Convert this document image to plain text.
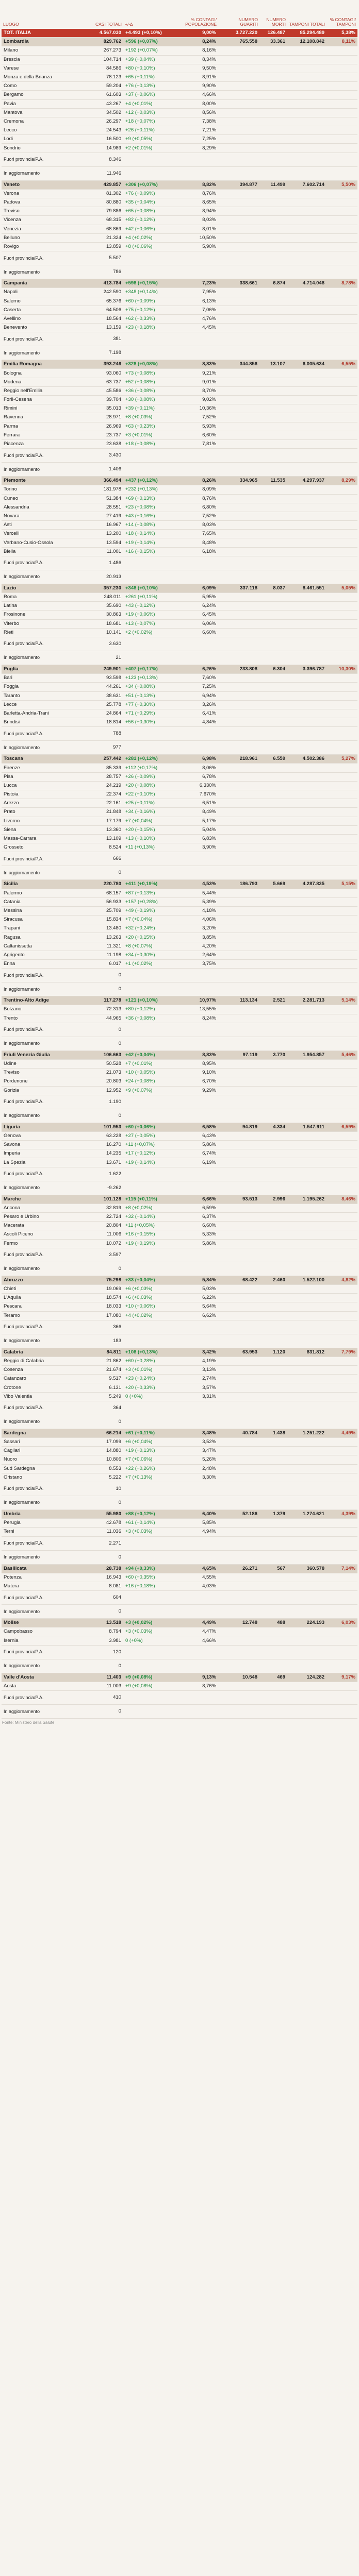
LUOGO	CASI TOTALI	+/-∆	% CONTAGI/ POPOLAZIONE	NUMERO GUARITI	NUMERO MORTI	TAMPONI TOTALI	% CONTAGI/ TAMPONI
TOT. ITALIA	4.567.030	+4.493 (+0,10%)	9,00%	3.727.220	126.487	85.294.489	5,38%
Lombardia	829.762	+596 (+0,07%)	8,24%	765.558	33.361	12.108.842	8,11%
Milano	267.273	+192 (+0,07%)	8,16%				
Brescia	104.714	+39 (+0,04%)	8,34%				
Varese	84.586	+80 (+0,10%)	9,50%				
Monza e della Brianza	78.123	+65 (+0,11%)	8,91%				
Como	59.204	+76 (+0,13%)	9,90%				
Bergamo	61.603	+37 (+0,06%)	4,66%				
Pavia	43.267	+4 (+0,01%)	8,00%				
Mantova	34.502	+12 (+0,03%)	8,56%				
Cremona	26.297	+18 (+0,07%)	7,38%				
Lecco	24.543	+26 (+0,11%)	7,21%				
Lodi	16.500	+9 (+0,05%)	7,25%				
Sondrio	14.989	+2 (+0,01%)	8,29%				
Fuori provincia/P.A.	8.346						
In aggiornamento	11.946						
Veneto	429.857	+306 (+0,07%)	8,82%	394.877	11.499	7.602.714	5,50%
Verona	81.302	+76 (+0,09%)	8,76%				
Padova	80.880	+35 (+0,04%)	8,65%				
Treviso	79.886	+65 (+0,08%)	8,94%				
Vicenza	68.315	+82 (+0,12%)	8,03%				
Venezia	68.869	+42 (+0,06%)	8,01%				
Belluno	21.324	+4 (+0,02%)	10,50%				
Rovigo	13.859	+8 (+0,06%)	5,90%				
Fuori provincia/P.A.	5.507						
In aggiornamento	786						
Campania	413.784	+598 (+0,15%)	7,23%	338.661	6.874	4.714.048	8,78%
Napoli	242.590	+348 (+0,14%)	7,95%				
Salerno	65.376	+60 (+0,09%)	6,13%				
Caserta	64.506	+75 (+0,12%)	7,06%				
Avellino	18.564	+62 (+0,33%)	4,76%				
Benevento	13.159	+23 (+0,18%)	4,45%				
Fuori provincia/P.A.	381						
In aggiornamento	7.198						
Emilia Romagna	393.246	+328 (+0,08%)	8,83%	344.856	13.107	6.005.634	6,55%
Bologna	93.060	+73 (+0,08%)	9,21%				
Modena	63.737	+52 (+0,08%)	9,01%				
Reggio nell'Emilia	45.586	+36 (+0,08%)	8,70%				
Forlì-Cesena	39.704	+30 (+0,08%)	9,02%				
Rimini	35.013	+39 (+0,11%)	10,36%				
Ravenna	28.971	+8 (+0,03%)	7,52%				
Parma	26.969	+63 (+0,23%)	5,93%				
Ferrara	23.737	+3 (+0,01%)	6,60%				
Piacenza	23.638	+18 (+0,08%)	7,81%				
Fuori provincia/P.A.	3.430						
In aggiornamento	1.406						
Piemonte	366.494	+437 (+0,12%)	8,26%	334.965	11.535	4.297.937	8,29%
Torino	181.978	+232 (+0,13%)	8,09%				
Cuneo	51.384	+69 (+0,13%)	8,76%				
Alessandria	28.551	+23 (+0,08%)	6,80%				
Novara	27.419	+43 (+0,16%)	7,52%				
Asti	16.967	+14 (+0,08%)	8,03%				
Vercelli	13.200	+18 (+0,14%)	7,65%				
Verbano-Cusio-Ossola	13.594	+19 (+0,14%)	8,48%				
Biella	11.001	+16 (+0,15%)	6,18%				
Fuori provincia/P.A.	1.486						
In aggiornamento	20.913						
Lazio	357.230	+348 (+0,10%)	6,09%	337.118	8.037	8.461.551	5,05%
Roma	248.011	+261 (+0,11%)	5,95%				
Latina	35.690	+43 (+0,12%)	6,24%				
Frosinone	30.863	+19 (+0,06%)	6,45%				
Viterbo	18.681	+13 (+0,07%)	6,06%				
Rieti	10.141	+2 (+0,02%)	6,60%				
Fuori provincia/P.A.	3.630						
In aggiornamento	21						
Puglia	249.901	+407 (+0,17%)	6,26%	233.808	6.304	3.396.787	10,30%
Bari	93.598	+123 (+0,13%)	7,60%				
Foggia	44.261	+34 (+0,08%)	7,25%				
Taranto	38.631	+51 (+0,13%)	6,94%				
Lecce	25.778	+77 (+0,30%)	3,26%				
Barletta-Andria-Trani	24.864	+71 (+0,29%)	6,41%				
Brindisi	18.814	+56 (+0,30%)	4,84%				
Fuori provincia/P.A.	788						
In aggiornamento	977						
Toscana	257.442	+281 (+0,12%)	6,98%	218.961	6.559	4.502.386	5,27%
Firenze	85.339	+112 (+0,17%)	8,06%				
Pisa	28.757	+26 (+0,09%)	6,78%				
Lucca	24.219	+20 (+0,08%)	6,330%				
Pistoia	22.374	+22 (+0,10%)	7,670%				
Arezzo	22.161	+25 (+0,11%)	6,51%				
Prato	21.848	+34 (+0,16%)	8,49%				
Livorno	17.179	+7 (+0,04%)	5,17%				
Siena	13.360	+20 (+0,15%)	5,04%				
Massa-Carrara	13.109	+13 (+0,10%)	6,83%				
Grosseto	8.524	+11 (+0,13%)	3,90%				
Fuori provincia/P.A.	666						
In aggiornamento	0						
Sicilia	220.780	+411 (+0,19%)	4,53%	186.793	5.669	4.287.835	5,15%
Palermo	68.157	+87 (+0,13%)	5,44%				
Catania	56.933	+157 (+0,28%)	5,39%				
Messina	25.709	+49 (+0,19%)	4,18%				
Siracusa	15.834	+7 (+0,04%)	4,06%				
Trapani	13.480	+32 (+0,24%)	3,20%				
Ragusa	13.263	+20 (+0,15%)	3,85%				
Caltanissetta	11.321	+8 (+0,07%)	4,20%				
Agrigento	11.198	+34 (+0,30%)	2,64%				
Enna	6.017	+1 (+0,02%)	3,75%				
Fuori provincia/P.A.	0						
In aggiornamento	0						
Trentino-Alto Adige	117.278	+121 (+0,10%)	10,97%	113.134	2.521	2.281.713	5,14%
Bolzano	72.313	+80 (+0,12%)	13,55%				
Trento	44.965	+36 (+0,08%)	8,24%				
Fuori provincia/P.A.	0						
In aggiornamento	0						
Friuli Venezia Giulia	106.663	+42 (+0,04%)	8,83%	97.119	3.770	1.954.857	5,46%
Udine	50.528	+7 (+0,01%)	8,95%				
Treviso	21.073	+10 (+0,05%)	9,10%				
Pordenone	20.803	+24 (+0,08%)	6,70%				
Gorizia	12.952	+9 (+0,07%)	9,29%				
Fuori provincia/P.A.	1.190						
In aggiornamento	0						
Liguria	101.953	+60 (+0,06%)	6,58%	94.819	4.334	1.547.911	6,59%
Genova	63.228	+27 (+0,05%)	6,43%				
Savona	16.270	+11 (+0,07%)	5,86%				
Imperia	14.235	+17 (+0,12%)	6,74%				
La Spezia	13.671	+19 (+0,14%)	6,19%				
Fuori provincia/P.A.	1.622						
In aggiornamento	-9.262						
Marche	101.128	+115 (+0,11%)	6,66%	93.513	2.996	1.195.262	8,46%
Ancona	32.819	+8 (+0,02%)	6,59%				
Pesaro e Urbino	22.724	+32 (+0,14%)	6,37%				
Macerata	20.804	+11 (+0,05%)	6,60%				
Ascoli Piceno	11.006	+16 (+0,15%)	5,33%				
Fermo	10.072	+19 (+0,19%)	5,86%				
Fuori provincia/P.A.	3.597						
In aggiornamento	0						
Abruzzo	75.298	+33 (+0,04%)	5,84%	68.422	2.460	1.522.100	4,82%
Chieti	19.069	+6 (+0,03%)	5,03%				
L'Aquila	18.574	+6 (+0,03%)	6,22%				
Pescara	18.033	+10 (+0,06%)	5,64%				
Teramo	17.080	+4 (+0,02%)	6,62%				
Fuori provincia/P.A.	366						
In aggiornamento	183						
Calabria	84.811	+108 (+0,13%)	3,42%	63.953	1.120	831.812	7,79%
Reggio di Calabria	21.862	+60 (+0,28%)	4,19%				
Cosenza	21.674	+3 (+0,01%)	3,13%				
Catanzaro	9.517	+23 (+0,24%)	2,74%				
Crotone	6.131	+20 (+0,33%)	3,57%				
Vibo Valentia	5.249	0 (+0%)	3,31%				
Fuori provincia/P.A.	364						
In aggiornamento	0						
Sardegna	66.214	+61 (+0,11%)	3,48%	40.784	1.438	1.251.222	4,49%
Sassari	17.099	+6 (+0,04%)	3,52%				
Cagliari	14.880	+19 (+0,13%)	3,47%				
Nuoro	10.806	+7 (+0,06%)	5,26%				
Sud Sardegna	8.553	+22 (+0,26%)	2,48%				
Oristano	5.222	+7 (+0,13%)	3,30%				
Fuori provincia/P.A.	10						
In aggiornamento	0						
Umbria	55.980	+88 (+0,12%)	6,40%	52.186	1.379	1.274.621	4,39%
Perugia	42.678	+61 (+0,14%)	5,85%				
Terni	11.036	+3 (+0,03%)	4,94%				
Fuori provincia/P.A.	2.271						
In aggiornamento	0						
Basilicata	28.738	+94 (+0,33%)	4,65%	26.271	567	360.578	7,14%
Potenza	16.943	+60 (+0,35%)	4,55%				
Matera	8.081	+16 (+0,18%)	4,03%				
Fuori provincia/P.A.	604						
In aggiornamento	0						
Molise	13.518	+3 (+0,02%)	4,49%	12.748	488	224.193	6,03%
Campobasso	8.794	+3 (+0,03%)	4,47%				
Isernia	3.981	0 (+0%)	4,66%				
Fuori provincia/P.A.	120						
In aggiornamento	0						
Valle d'Aosta	11.403	+9 (+0,08%)	9,13%	10.548	469	124.282	9,17%
Aosta	11.003	+9 (+0,08%)	8,76%				
Fuori provincia/P.A.	410						
In aggiornamento	0						
Fonte: Ministero della Salute
